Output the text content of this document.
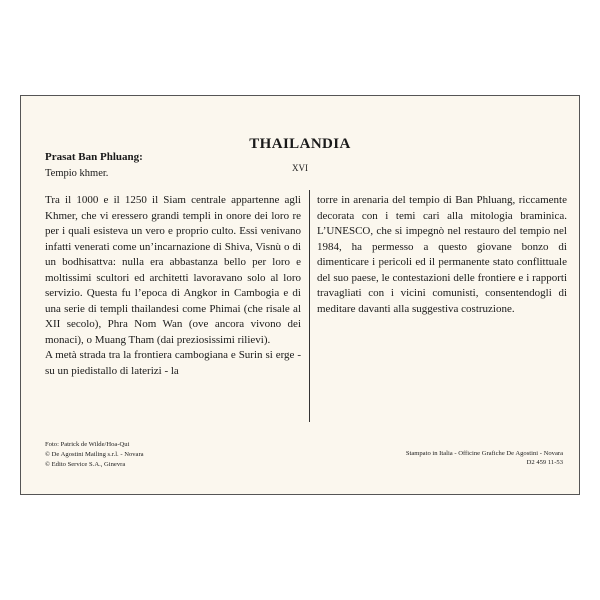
THAILANDIA
Prasat Ban Phluang:
XVI
Tempio khmer.

Tra il 1000 e il 1250 il Siam centrale appartenne agli Khmer, che vi eressero grandi templi in onore dei loro re per i quali esisteva un vero e proprio culto. Essi venivano infatti venerati come un’incarnazione di Shiva, Visnù o di un bodhisattva: nulla era abbastanza bello per loro e moltissimi scultori ed architetti lavoravano solo al loro servizio. Questa fu l’epoca di Angkor in Cambogia e di una serie di templi thailandesi come Phimai (che risale al XII secolo), Phra Nom Wan (ove ancora vivono dei monaci), o Muang Tham (dai preziosissimi rilievi).

A metà strada tra la frontiera cambogiana e Surin si erge - su un piedistallo di laterizi - la

torre in arenaria del tempio di Ban Phluang, riccamente decorata con i temi cari alla mitologia braminica. L’UNESCO, che si impegnò nel restauro del tempio nel 1984, ha permesso a questo giovane bonzo di dimenticare i pericoli ed il permanente stato conflittuale del suo paese, le contestazioni delle frontiere e i rapporti travagliati con i vicini comunisti, consentendogli di meditare davanti alla suggestiva costruzione.

Foto: Patrick de Wilde/Hoa-Qui
© De Agostini Mailing s.r.l. - Novara
© Edito Service S.A., Ginevra
Stampato in Italia - Officine Grafiche De Agostini - Novara
D2 459 11-53
